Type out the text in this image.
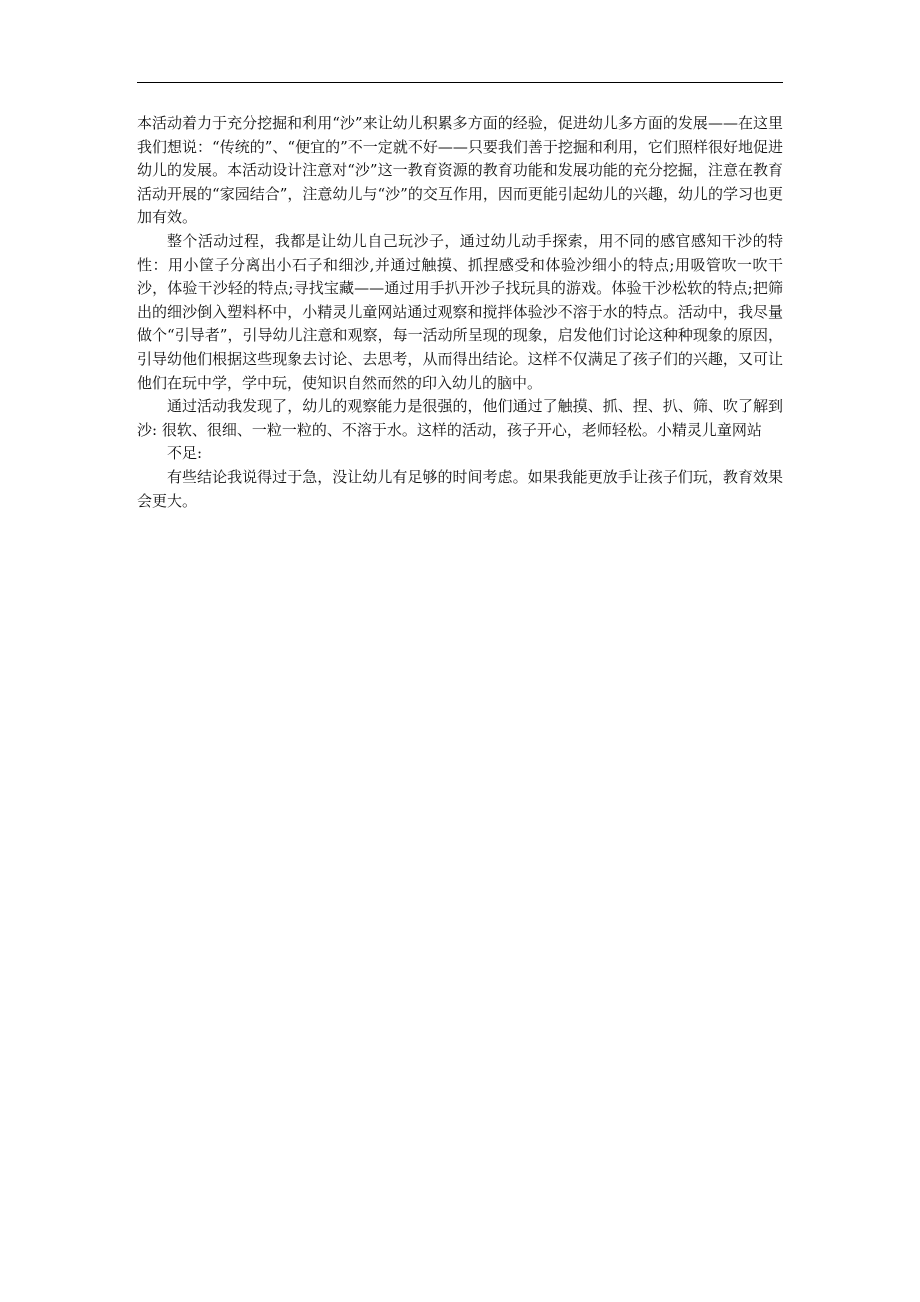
本活动着力于充分挖掘和利用“沙”来让幼儿积累多方面的经验，促进幼儿多方面的发展——在这里我们想说：“传统的”、“便宜的”不一定就不好——只要我们善于挖掘和利用，它们照样很好地促进幼儿的发展。本活动设计注意对“沙”这一教育资源的教育功能和发展功能的充分挖掘，注意在教育活动开展的“家园结合”，注意幼儿与“沙”的交互作用，因而更能引起幼儿的兴趣，幼儿的学习也更加有效。

整个活动过程，我都是让幼儿自己玩沙子，通过幼儿动手探索，用不同的感官感知干沙的特性：用小筐子分离出小石子和细沙,并通过触摸、抓捏感受和体验沙细小的特点;用吸管吹一吹干沙，体验干沙轻的特点;寻找宝藏——通过用手扒开沙子找玩具的游戏。体验干沙松软的特点;把筛出的细沙倒入塑料杯中，小精灵儿童网站通过观察和搅拌体验沙不溶于水的特点。活动中，我尽量做个“引导者”，引导幼儿注意和观察，每一活动所呈现的现象，启发他们讨论这种种现象的原因，引导幼他们根据这些现象去讨论、去思考，从而得出结论。这样不仅满足了孩子们的兴趣，又可让他们在玩中学，学中玩，使知识自然而然的印入幼儿的脑中。

通过活动我发现了，幼儿的观察能力是很强的，他们通过了触摸、抓、捏、扒、筛、吹了解到沙: 很软、很细、一粒一粒的、不溶于水。这样的活动，孩子开心，老师轻松。小精灵儿童网站

不足:

有些结论我说得过于急，没让幼儿有足够的时间考虑。如果我能更放手让孩子们玩，教育效果会更大。
